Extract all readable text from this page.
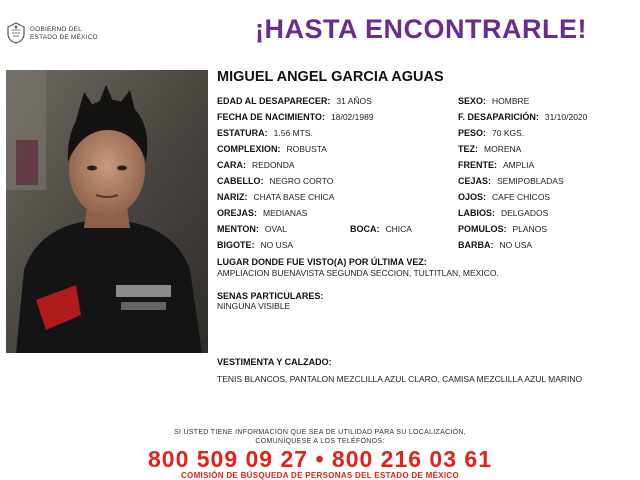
GOBIERNO DEL
ESTADO DE MÉXICO	¡HASTA ENCONTRARLE!
MIGUEL ANGEL GARCIA AGUAS
EDAD AL DESAPARECER: 31 AÑOS
FECHA DE NACIMIENTO: 18/02/1989
ESTATURA: 1.56 MTS.
COMPLEXION: ROBUSTA
CARA: REDONDA
CABELLO: NEGRO CORTO
NARIZ: CHATA BASE CHICA
OREJAS: MEDIANAS
MENTON: OVAL	BOCA: CHICA
BIGOTE: NO USA
SEXO: HOMBRE
F. DESAPARICIÓN: 31/10/2020
PESO: 70 KGS.
TEZ: MORENA
FRENTE: AMPLIA
CEJAS: SEMIPOBLADAS
OJOS: CAFE CHICOS
LABIOS: DELGADOS
POMULOS: PLANOS
BARBA: NO USA
LUGAR DONDE FUE VISTO(A) POR ÚLTIMA VEZ:
AMPLIACION BUENAVISTA SEGUNDA SECCION, TULTITLAN, MEXICO.
SENAS PARTICULARES:
NINGUNA VISIBLE
VESTIMENTA Y CALZADO:
TENIS BLANCOS, PANTALON MEZCLILLA AZUL CLARO, CAMISA MEZCLILLA AZUL MARINO
SI USTED TIENE INFORMACIÓN QUE SEA DE UTILIDAD PARA SU LOCALIZACIÓN,
COMUNÍQUESE A LOS TELÉFONOS:
800 509 09 27 • 800 216 03 61
COMISIÓN DE BÚSQUEDA DE PERSONAS DEL ESTADO DE MÉXICO
